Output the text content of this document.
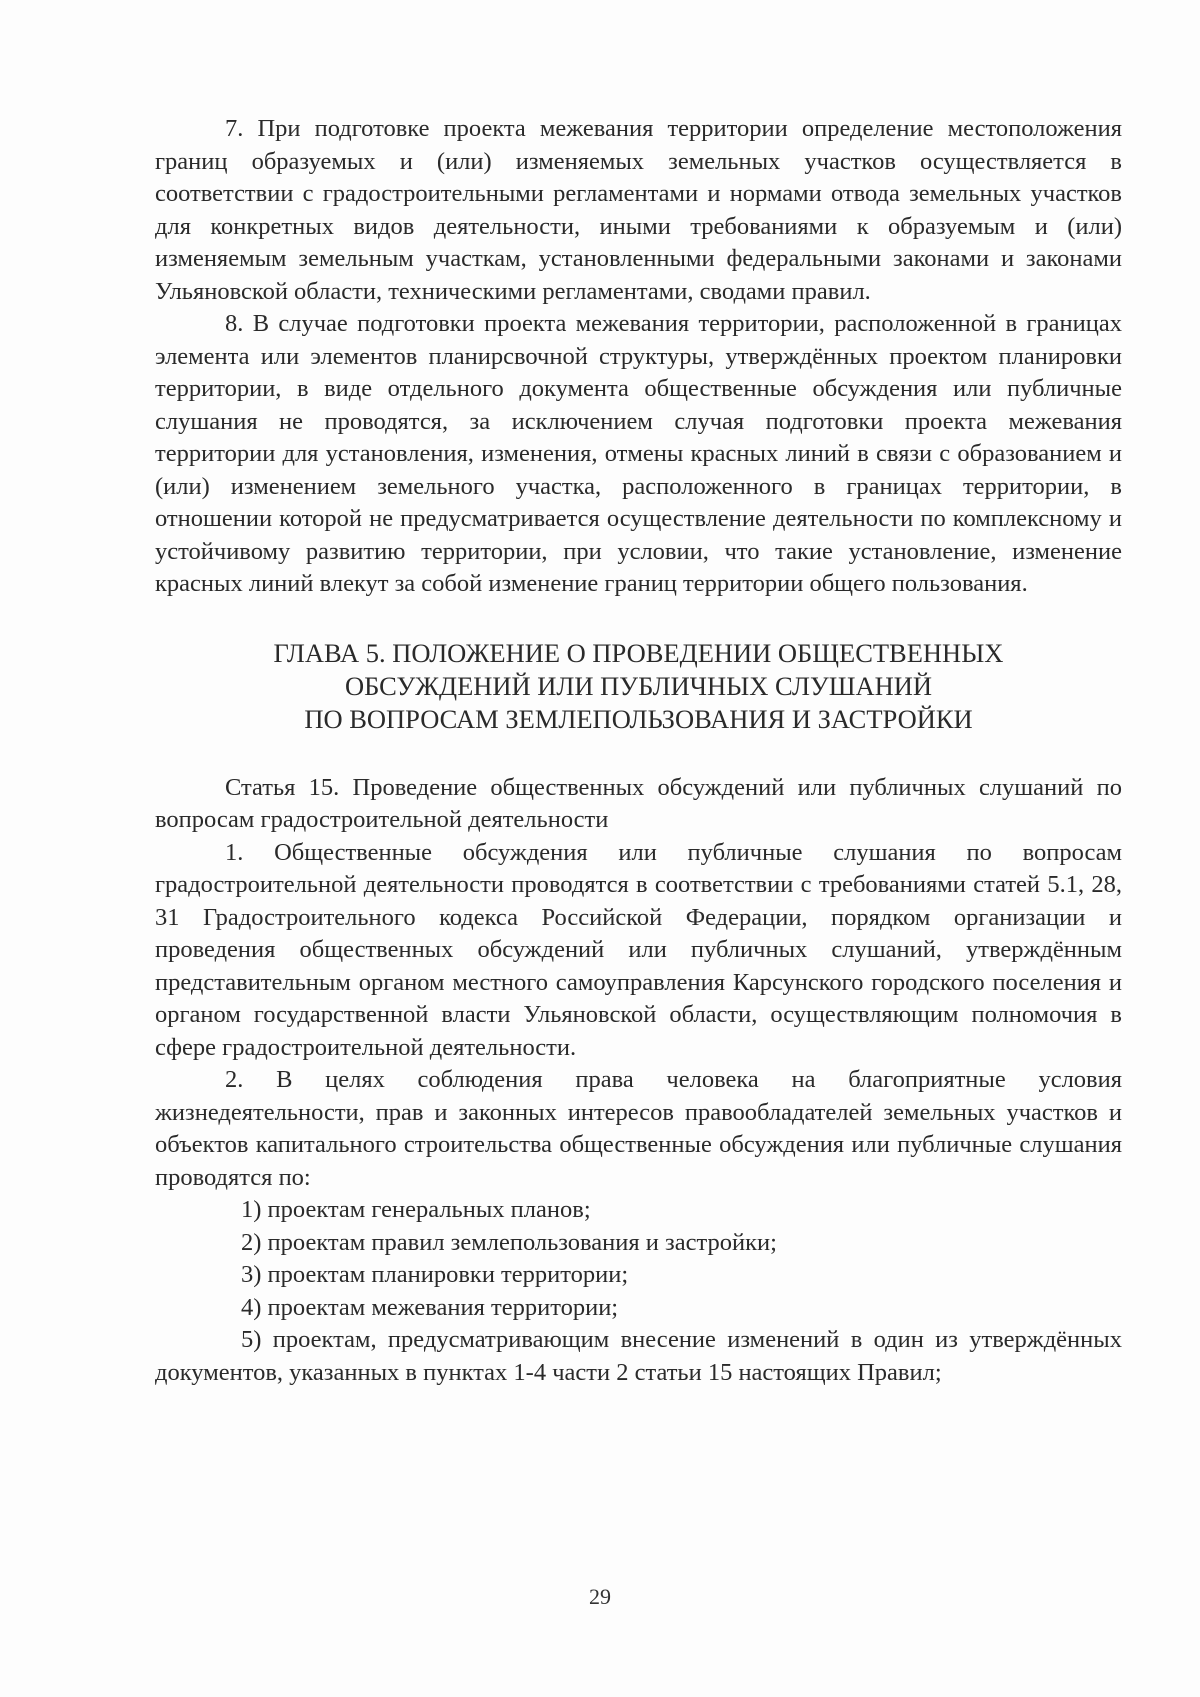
7. При подготовке проекта межевания территории определение местоположения границ образуемых и (или) изменяемых земельных участков осуществляется в соответствии с градостроительными регламентами и нормами отвода земельных участков для конкретных видов деятельности, иными требованиями к образуемым и (или) изменяемым земельным участкам, установленными федеральными законами и законами Ульяновской области, техническими регламентами, сводами правил.

8. В случае подготовки проекта межевания территории, расположенной в границах элемента или элементов планирсвочной структуры, утверждённых проектом планировки территории, в виде отдельного документа общественные обсуждения или публичные слушания не проводятся, за исключением случая подготовки проекта межевания территории для установления, изменения, отмены красных линий в связи с образованием и (или) изменением земельного участка, расположенного в границах территории, в отношении которой не предусматривается осуществление деятельности по комплексному и устойчивому развитию территории, при условии, что такие установление, изменение красных линий влекут за собой изменение границ территории общего пользования.

ГЛАВА 5. ПОЛОЖЕНИЕ О ПРОВЕДЕНИИ ОБЩЕСТВЕННЫХ
ОБСУЖДЕНИЙ ИЛИ ПУБЛИЧНЫХ СЛУШАНИЙ
ПО ВОПРОСАМ ЗЕМЛЕПОЛЬЗОВАНИЯ И ЗАСТРОЙКИ

Статья 15. Проведение общественных обсуждений или публичных слушаний по вопросам градостроительной деятельности

1. Общественные обсуждения или публичные слушания по вопросам градостроительной деятельности проводятся в соответствии с требованиями статей 5.1, 28, 31 Градостроительного кодекса Российской Федерации, порядком организации и проведения общественных обсуждений или публичных слушаний, утверждённым представительным органом местного самоуправления Карсунского городского поселения и органом государственной власти Ульяновской области, осуществляющим полномочия в сфере градостроительной деятельности.

2. В целях соблюдения права человека на благоприятные условия жизнедеятельности, прав и законных интересов правообладателей земельных участков и объектов капитального строительства общественные обсуждения или публичные слушания проводятся по:

1) проектам генеральных планов;

2) проектам правил землепользования и застройки;

3) проектам планировки территории;

4) проектам межевания территории;

5) проектам, предусматривающим внесение изменений в один из утверждённых документов, указанных в пунктах 1-4 части 2 статьи 15 настоящих Правил;

29
